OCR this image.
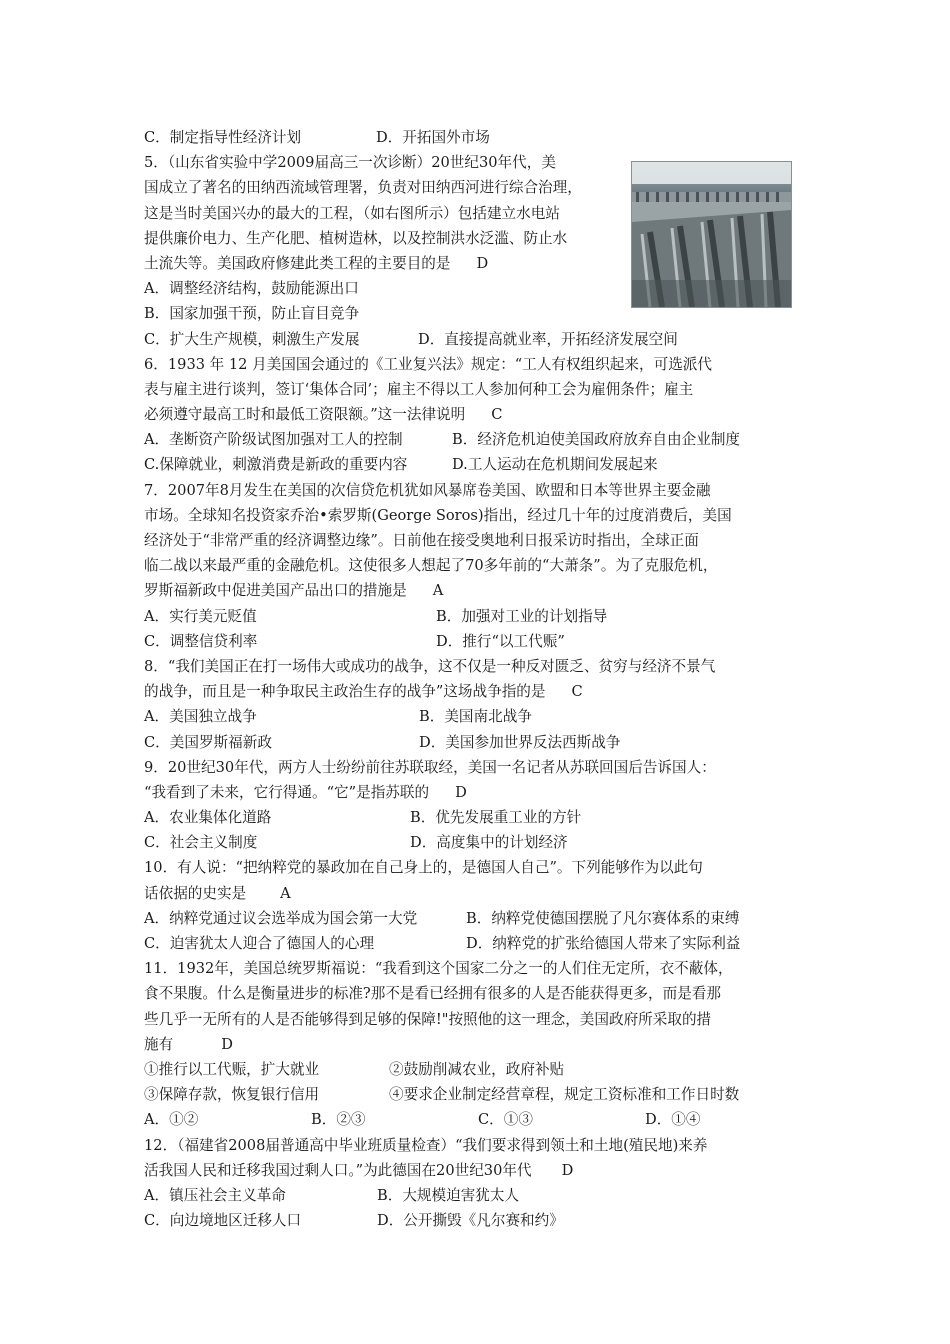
C．制定指导性经济计划	D．开拓国外市场
5．（山东省实验中学2009届高三一次诊断）20世纪30年代，美
国成立了著名的田纳西流域管理署，负责对田纳西河进行综合治理，
这是当时美国兴办的最大的工程，（如右图所示）包括建立水电站
提供廉价电力、生产化肥、植树造林，以及控制洪水泛滥、防止水
土流失等。美国政府修建此类工程的主要目的是 D
A．调整经济结构，鼓励能源出口
B．国家加强干预，防止盲目竞争
C．扩大生产规模，刺激生产发展	D．直接提高就业率，开拓经济发展空间
6．1933 年 12 月美国国会通过的《工业复兴法》规定：“工人有权组织起来，可选派代
表与雇主进行谈判，签订‘集体合同’；雇主不得以工人参加何种工会为雇佣条件；雇主
必须遵守最高工时和最低工资限额。”这一法律说明 C
A．垄断资产阶级试图加强对工人的控制	B．经济危机迫使美国政府放弃自由企业制度
C.保障就业，刺激消费是新政的重要内容	D.工人运动在危机期间发展起来
7．2007年8月发生在美国的次信贷危机犹如风暴席卷美国、欧盟和日本等世界主要金融
市场。全球知名投资家乔治•索罗斯(George Soros)指出，经过几十年的过度消费后，美国
经济处于“非常严重的经济调整边缘”。日前他在接受奥地利日报采访时指出，全球正面
临二战以来最严重的金融危机。这使很多人想起了70多年前的“大萧条”。为了克服危机，
罗斯福新政中促进美国产品出口的措施是 A
A．实行美元贬值	B．加强对工业的计划指导
C．调整信贷利率	D．推行“以工代赈”
8．“我们美国正在打一场伟大或成功的战争，这不仅是一种反对匮乏、贫穷与经济不景气
的战争，而且是一种争取民主政治生存的战争”这场战争指的是 C
A．美国独立战争	B．美国南北战争
C．美国罗斯福新政	D．美国参加世界反法西斯战争
9．20世纪30年代，两方人士纷纷前往苏联取经，美国一名记者从苏联回国后告诉国人：
“我看到了未来，它行得通。“它”是指苏联的 D
A．农业集体化道路	B．优先发展重工业的方针
C．社会主义制度	D．高度集中的计划经济
10．有人说：“把纳粹党的暴政加在自己身上的，是德国人自己”。下列能够作为以此句
话依据的史实是 A
A．纳粹党通过议会选举成为国会第一大党	B．纳粹党使德国摆脱了凡尔赛体系的束缚
C．迫害犹太人迎合了德国人的心理	D．纳粹党的扩张给德国人带来了实际利益
11．1932年，美国总统罗斯福说：“我看到这个国家二分之一的人们住无定所，衣不蔽体，
食不果腹。什么是衡量进步的标准?那不是看已经拥有很多的人是否能获得更多，而是看那
些几乎一无所有的人是否能够得到足够的保障!"按照他的这一理念，美国政府所采取的措
施有	D
①推行以工代赈，扩大就业	②鼓励削减农业，政府补贴
③保障存款，恢复银行信用	④要求企业制定经营章程，规定工资标准和工作日时数
A．①②	B．②③	C．①③	D．①④
12．（福建省2008届普通高中毕业班质量检查）“我们要求得到领土和土地(殖民地)来养
活我国人民和迁移我国过剩人口。”为此德国在20世纪30年代 D
A．镇压社会主义革命	B．大规模迫害犹太人
C．向边境地区迁移人口	D．公开撕毁《凡尔赛和约》
